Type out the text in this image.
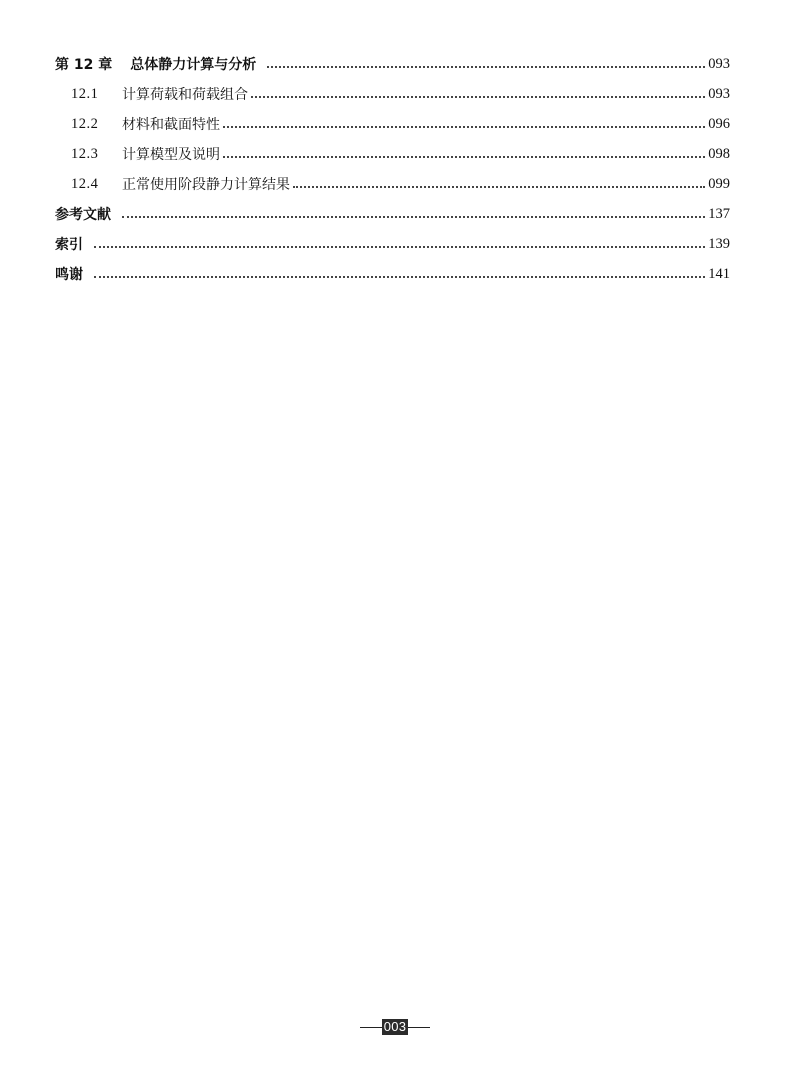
第 12 章 总体静力计算与分析	093
12.1	计算荷载和荷载组合	093
12.2	材料和截面特性	096
12.3	计算模型及说明	098
12.4	正常使用阶段静力计算结果	099
参考文献	137
索引	139
鸣谢	141
003
